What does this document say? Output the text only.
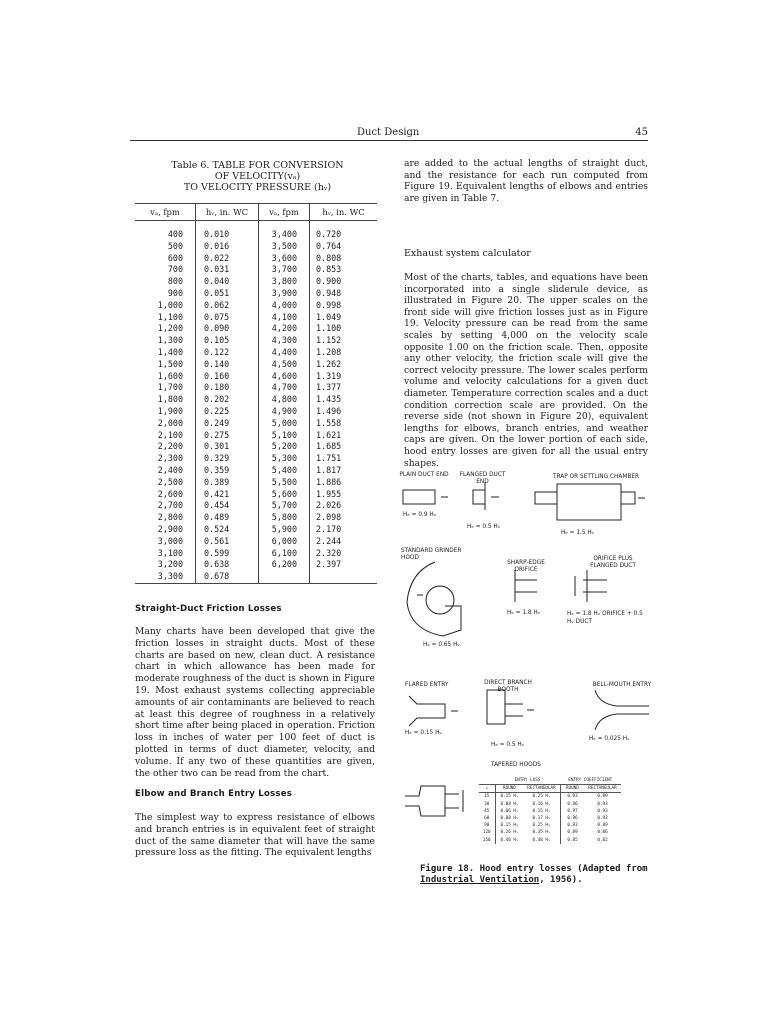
Duct Design	45
Table 6. TABLE FOR CONVERSION
OF VELOCITY(vₐ)
TO VELOCITY PRESSURE (hᵥ)
vₐ, fpm	hᵥ, in. WC	vₐ, fpm	hᵥ, in. WC
400	0.010	3,400	0.720
500	0.016	3,500	0.764
600	0.022	3,600	0.808
700	0.031	3,700	0.853
800	0.040	3,800	0.900
900	0.051	3,900	0.948
1,000	0.062	4,000	0.998
1,100	0.075	4,100	1.049
1,200	0.090	4,200	1.100
1,300	0.105	4,300	1.152
1,400	0.122	4,400	1.208
1,500	0.140	4,500	1.262
1,600	0.160	4,600	1.319
1,700	0.180	4,700	1.377
1,800	0.202	4,800	1.435
1,900	0.225	4,900	1.496
2,000	0.249	5,000	1.558
2,100	0.275	5,100	1.621
2,200	0.301	5,200	1.685
2,300	0.329	5,300	1.751
2,400	0.359	5,400	1.817
2,500	0.389	5,500	1.886
2,600	0.421	5,600	1.955
2,700	0.454	5,700	2.026
2,800	0.489	5,800	2.098
2,900	0.524	5,900	2.170
3,000	0.561	6,000	2.244
3,100	0.599	6,100	2.320
3,200	0.638	6,200	2.397
3,300	0.678		
Straight-Duct Friction Losses
Many charts have been developed that give the friction losses in straight ducts. Most of these charts are based on new, clean duct. A resistance chart in which allowance has been made for moderate roughness of the duct is shown in Figure 19. Most exhaust systems collecting appreciable amounts of air contaminants are believed to reach at least this degree of roughness in a relatively short time after being placed in operation. Friction loss in inches of water per 100 feet of duct is plotted in terms of duct diameter, velocity, and volume. If any two of these quantities are given, the other two can be read from the chart.
Elbow and Branch Entry Losses
The simplest way to express resistance of elbows and branch entries is in equivalent feet of straight duct of the same diameter that will have the same pressure loss as the fitting. The equivalent lengths
are added to the actual lengths of straight duct, and the resistance for each run computed from Figure 19. Equivalent lengths of elbows and entries are given in Table 7.
Exhaust system calculator
Most of the charts, tables, and equations have been incorporated into a single sliderule device, as illustrated in Figure 20. The upper scales on the front side will give friction losses just as in Figure 19. Velocity pressure can be read from the same scales by setting 4,000 on the velocity scale opposite 1.00 on the friction scale. Then, opposite any other velocity, the friction scale will give the correct velocity pressure. The lower scales perform volume and velocity calculations for a given duct diameter. Temperature correction scales and a duct condition correction scale are provided. On the reverse side (not shown in Figure 20), equivalent lengths for elbows, branch entries, and weather caps are given. On the lower portion of each side, hood entry losses are given for all the usual entry shapes.
PLAIN DUCT END
Hₑ = 0.9 Hᵥ
FLANGED DUCT END
Hₑ = 0.5 Hᵥ
TRAP OR SETTLING CHAMBER
Hₑ = 1.5 Hᵥ
STANDARD GRINDER HOOD
Hₑ = 0.65 Hᵥ
SHARP-EDGE ORIFICE
Hₑ = 1.8 Hᵥ
ORIFICE PLUS FLANGED DUCT
Hₑ = 1.8 Hᵥ ORIFICE + 0.5 Hᵥ DUCT
FLARED ENTRY
Hₑ = 0.15 Hᵥ
DIRECT BRANCH BOOTH
Hₑ = 0.5 Hᵥ
BELL-MOUTH ENTRY
Hₑ = 0.025 Hᵥ
TAPERED HOODS
	ENTRY LOSS		ENTRY COEFFICIENT	
∠	ROUND	RECTANGULAR	ROUND	RECTANGULAR
15	0.15 Hᵥ	0.25 Hᵥ	0.93	0.89
30	0.08 Hᵥ	0.16 Hᵥ	0.96	0.93
45	0.06 Hᵥ	0.15 Hᵥ	0.97	0.93
60	0.08 Hᵥ	0.17 Hᵥ	0.96	0.92
90	0.15 Hᵥ	0.25 Hᵥ	0.93	0.89
120	0.26 Hᵥ	0.35 Hᵥ	0.89	0.86
150	0.40 Hᵥ	0.48 Hᵥ	0.85	0.82
Figure 18. Hood entry losses (Adapted from
Industrial Ventilation, 1956).
